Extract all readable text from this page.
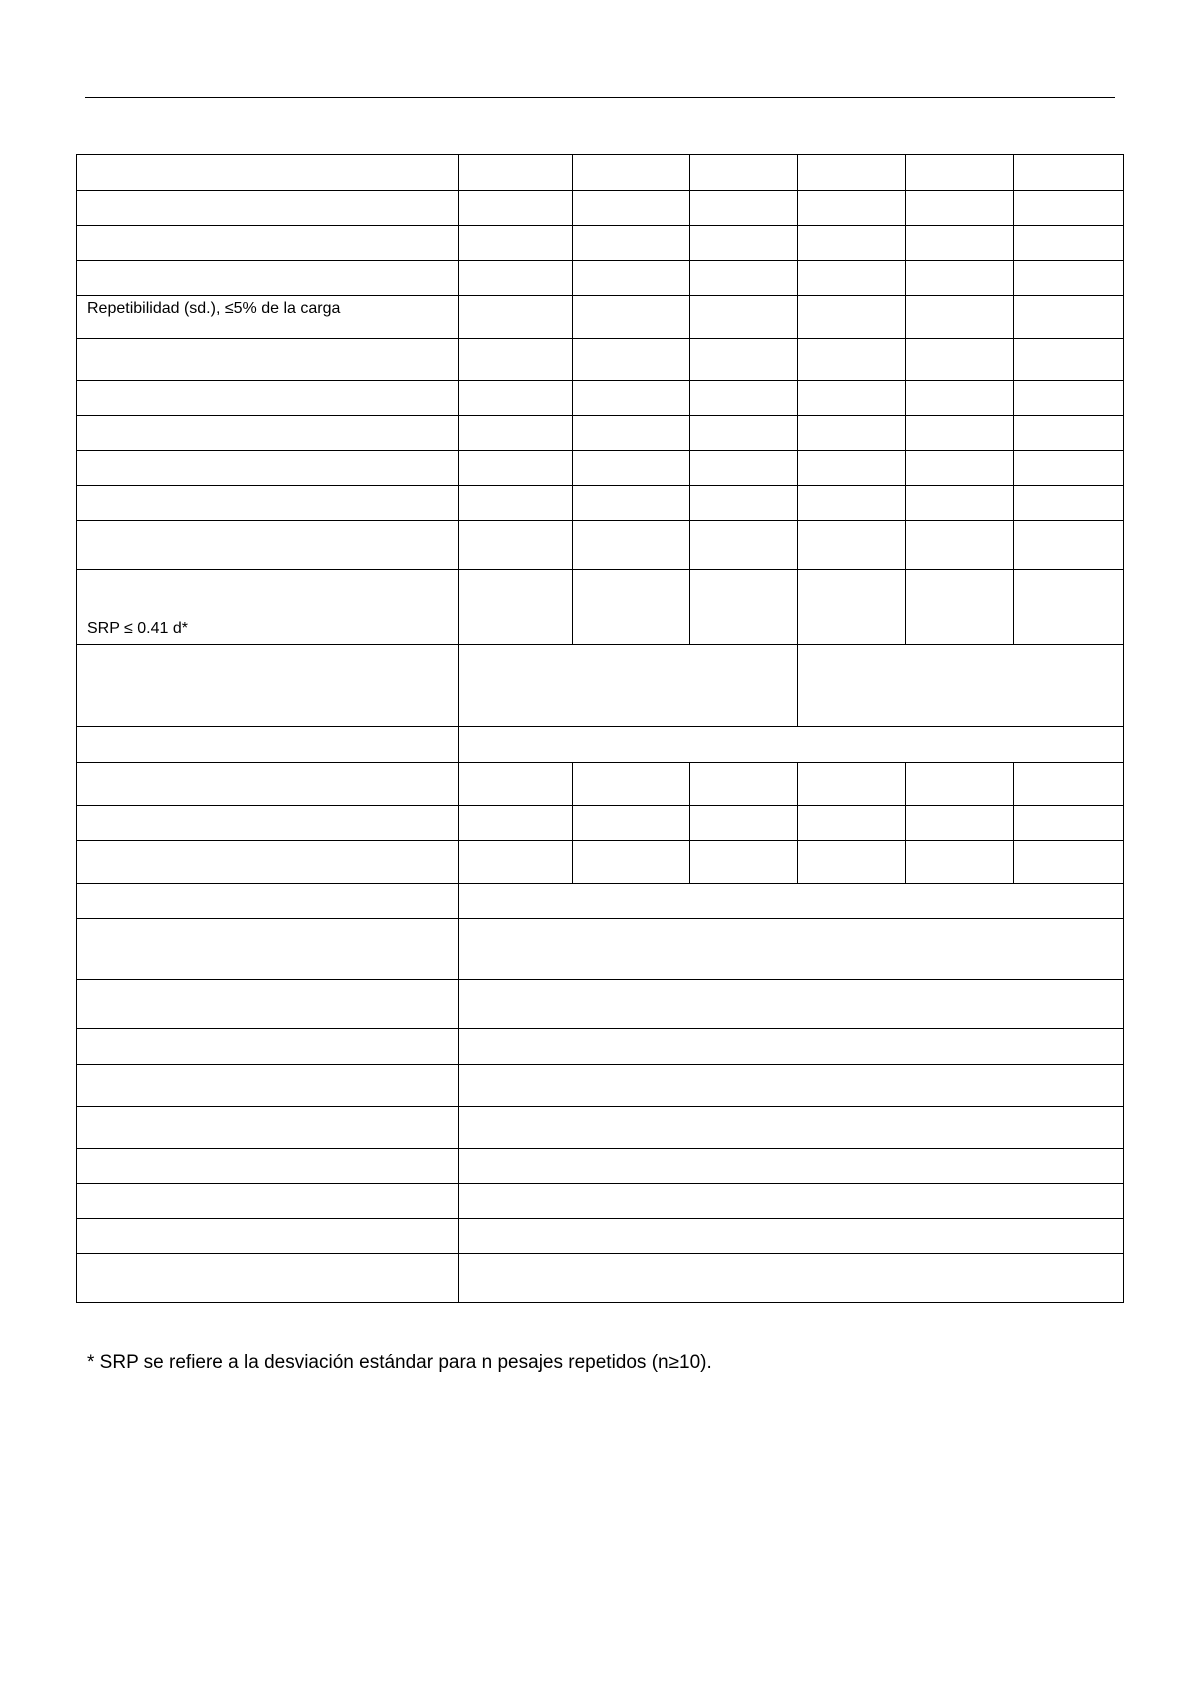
Repetibilidad (sd.), ≤5% de la carga						

SRP ≤ 0.41 d*						

* SRP se refiere a la desviación estándar para n pesajes repetidos (n≥10).
